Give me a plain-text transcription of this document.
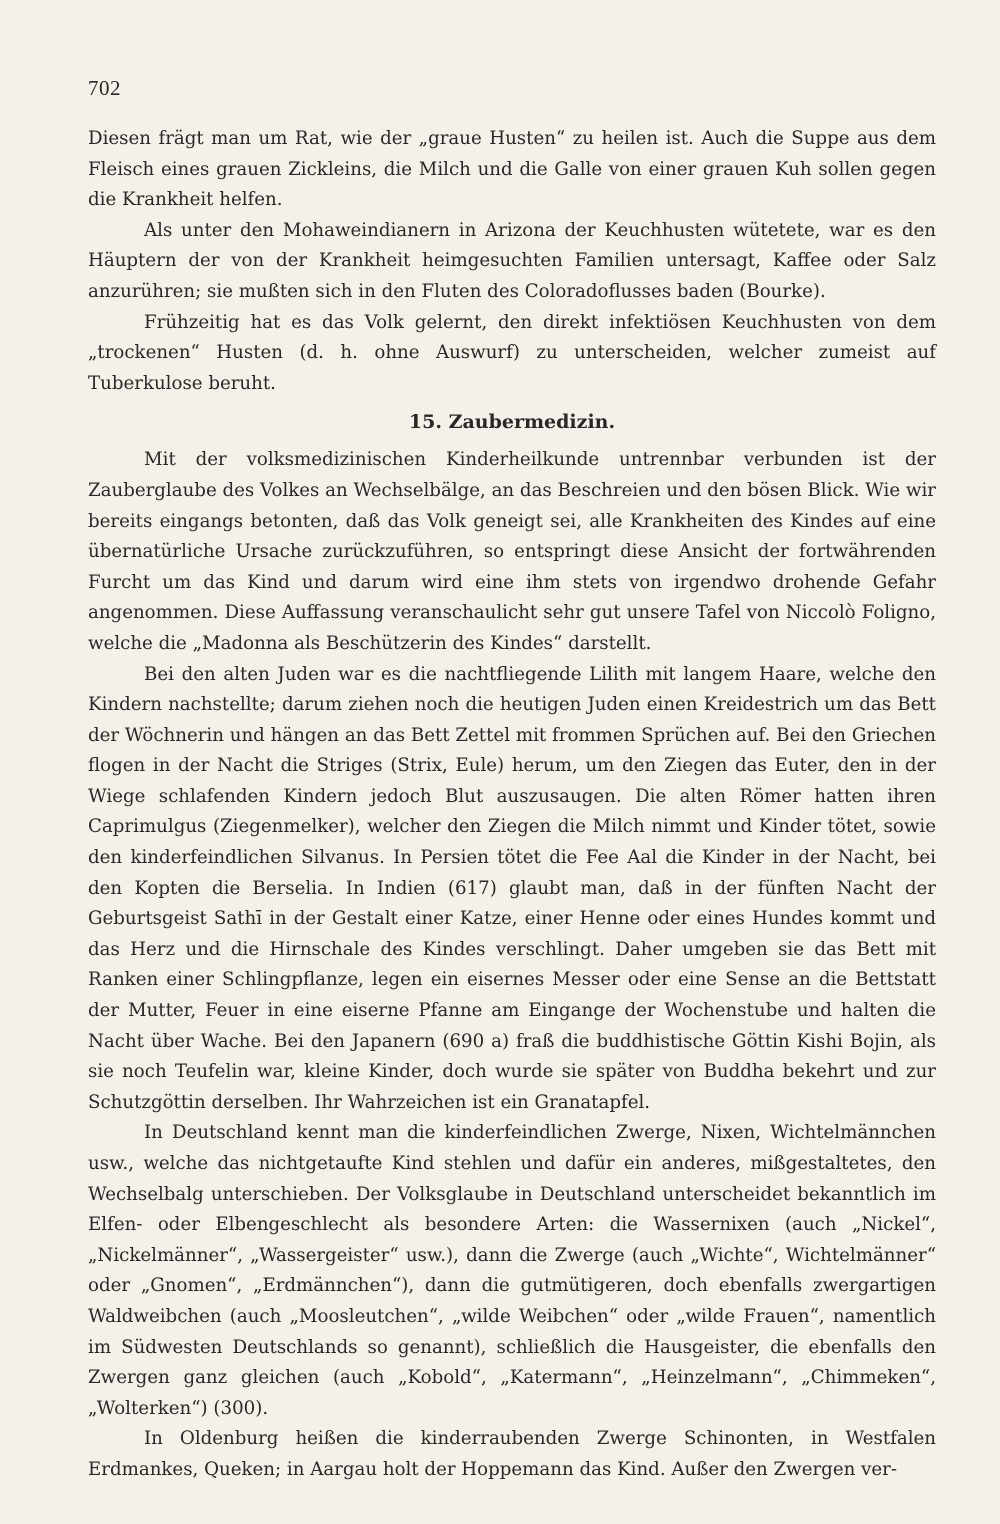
702

Diesen frägt man um Rat, wie der „graue Husten“ zu heilen ist. Auch die Suppe aus dem Fleisch eines grauen Zickleins, die Milch und die Galle von einer grauen Kuh sollen gegen die Krankheit helfen.

Als unter den Mohaweindianern in Arizona der Keuchhusten wütetete, war es den Häuptern der von der Krankheit heimgesuchten Familien untersagt, Kaffee oder Salz anzurühren; sie mußten sich in den Fluten des Coloradoflusses baden (Bourke).

Frühzeitig hat es das Volk gelernt, den direkt infektiösen Keuchhusten von dem „trockenen“ Husten (d. h. ohne Auswurf) zu unterscheiden, welcher zumeist auf Tuberkulose beruht.

15. Zaubermedizin.

Mit der volksmedizinischen Kinderheilkunde untrennbar verbunden ist der Zauberglaube des Volkes an Wechselbälge, an das Beschreien und den bösen Blick. Wie wir bereits eingangs betonten, daß das Volk geneigt sei, alle Krankheiten des Kindes auf eine übernatürliche Ursache zurückzuführen, so entspringt diese Ansicht der fortwährenden Furcht um das Kind und darum wird eine ihm stets von irgendwo drohende Gefahr angenommen. Diese Auffassung veranschaulicht sehr gut unsere Tafel von Niccolò Foligno, welche die „Madonna als Beschützerin des Kindes“ darstellt.

Bei den alten Juden war es die nachtfliegende Lilith mit langem Haare, welche den Kindern nachstellte; darum ziehen noch die heutigen Juden einen Kreidestrich um das Bett der Wöchnerin und hängen an das Bett Zettel mit frommen Sprüchen auf. Bei den Griechen flogen in der Nacht die Striges (Strix, Eule) herum, um den Ziegen das Euter, den in der Wiege schlafenden Kindern jedoch Blut auszusaugen. Die alten Römer hatten ihren Caprimulgus (Ziegenmelker), welcher den Ziegen die Milch nimmt und Kinder tötet, sowie den kinderfeindlichen Silvanus. In Persien tötet die Fee Aal die Kinder in der Nacht, bei den Kopten die Berselia. In Indien (617) glaubt man, daß in der fünften Nacht der Geburtsgeist Sathī in der Gestalt einer Katze, einer Henne oder eines Hundes kommt und das Herz und die Hirnschale des Kindes verschlingt. Daher umgeben sie das Bett mit Ranken einer Schlingpflanze, legen ein eisernes Messer oder eine Sense an die Bettstatt der Mutter, Feuer in eine eiserne Pfanne am Eingange der Wochenstube und halten die Nacht über Wache. Bei den Japanern (690 a) fraß die buddhistische Göttin Kishi Bojin, als sie noch Teufelin war, kleine Kinder, doch wurde sie später von Buddha bekehrt und zur Schutzgöttin derselben. Ihr Wahrzeichen ist ein Granatapfel.

In Deutschland kennt man die kinderfeindlichen Zwerge, Nixen, Wichtelmännchen usw., welche das nichtgetaufte Kind stehlen und dafür ein anderes, mißgestaltetes, den Wechselbalg unterschieben. Der Volksglaube in Deutschland unterscheidet bekanntlich im Elfen- oder Elbengeschlecht als besondere Arten: die Wassernixen (auch „Nickel“, „Nickelmänner“, „Wassergeister“ usw.), dann die Zwerge (auch „Wichte“, Wichtelmänner“ oder „Gnomen“, „Erdmännchen“), dann die gutmütigeren, doch ebenfalls zwergartigen Waldweibchen (auch „Moosleutchen“, „wilde Weibchen“ oder „wilde Frauen“, namentlich im Südwesten Deutschlands so genannt), schließlich die Hausgeister, die ebenfalls den Zwergen ganz gleichen (auch „Kobold“, „Katermann“, „Heinzelmann“, „Chimmeken“, „Wolterken“) (300).

In Oldenburg heißen die kinderraubenden Zwerge Schinonten, in Westfalen Erdmankes, Queken; in Aargau holt der Hoppemann das Kind. Außer den Zwergen ver-
